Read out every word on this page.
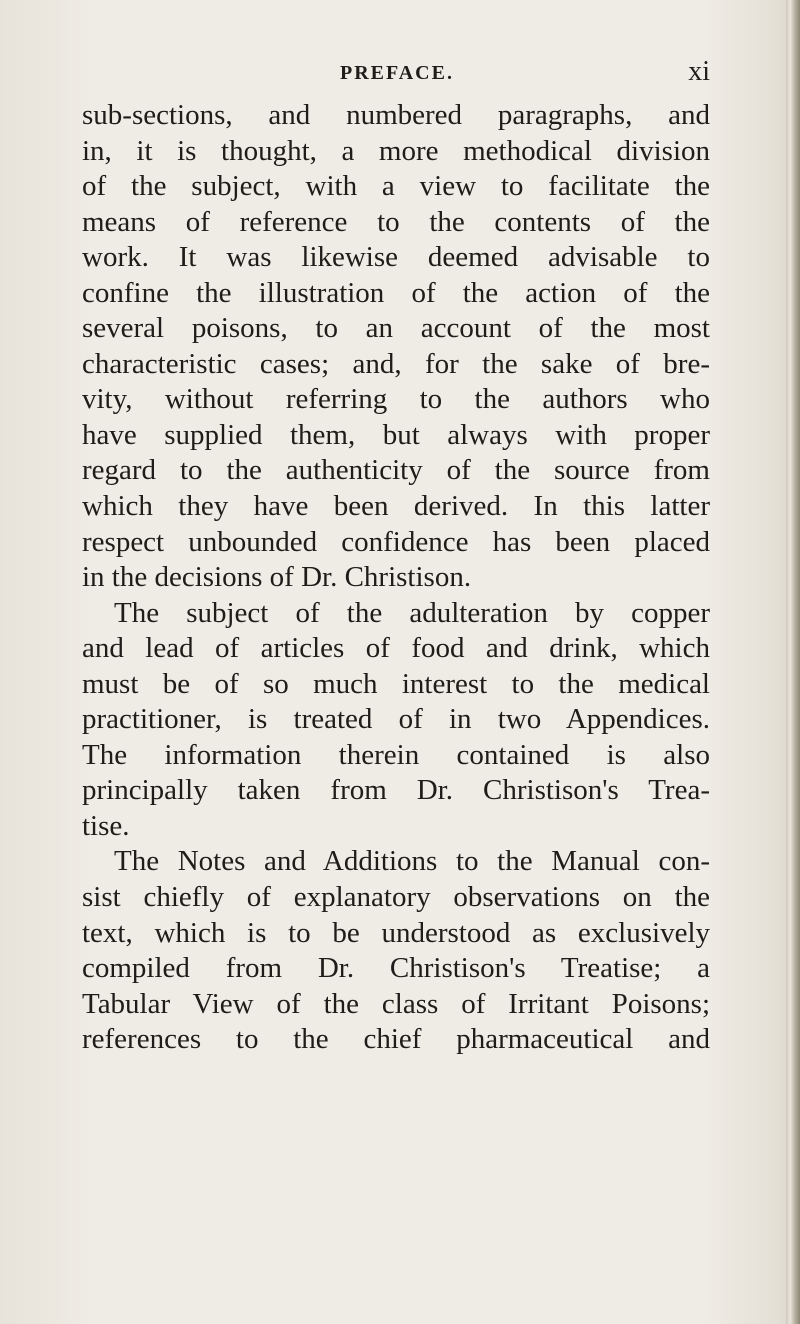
PREFACE.	xi
sub-sections, and numbered paragraphs, and
in, it is thought, a more methodical division
of the subject, with a view to facilitate the
means of reference to the contents of the
work. It was likewise deemed advisable to
confine the illustration of the action of the
several poisons, to an account of the most
characteristic cases; and, for the sake of bre-
vity, without referring to the authors who
have supplied them, but always with proper
regard to the authenticity of the source from
which they have been derived. In this latter
respect unbounded confidence has been placed
in the decisions of Dr. Christison.
The subject of the adulteration by copper
and lead of articles of food and drink, which
must be of so much interest to the medical
practitioner, is treated of in two Appendices.
The information therein contained is also
principally taken from Dr. Christison's Trea-
tise.
The Notes and Additions to the Manual con-
sist chiefly of explanatory observations on the
text, which is to be understood as exclusively
compiled from Dr. Christison's Treatise; a
Tabular View of the class of Irritant Poisons;
references to the chief pharmaceutical and
